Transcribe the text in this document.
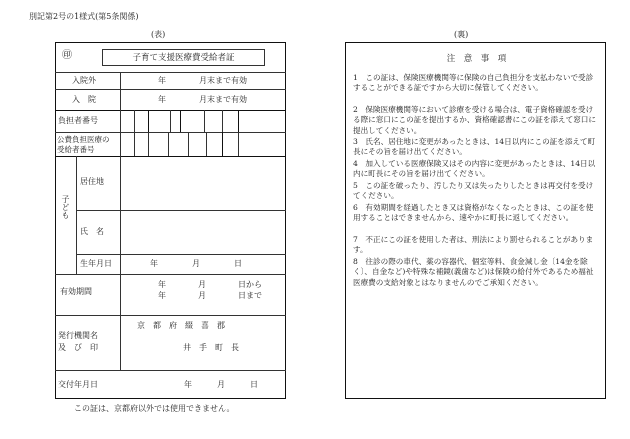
別記第2号の1様式(第5条関係)
(表)
㊞	子育て支援医療費受給者証
入院外	年	月末まで有効
入　院	年	月末まで有効
負担者番号
公費負担医療の
受給者番号
子ども
居住地
氏　名
生年月日	年	月	日
有効期間
年	月	日から
年	月	日まで
発行機関名
及　び　印
京　都　府　綴　喜　郡
井　手　町　長
交付年月日	年	月	日
この証は、京都府以外では使用できません。
(裏)
注　意　事　項
1　この証は、保険医療機関等に保険の自己負担分を支払わないで受診することができる証ですから大切に保管してください。
2　保険医療機関等において診療を受ける場合は、電子資格確認を受ける際に窓口にこの証を提出するか、資格確認書にこの証を添えて窓口に提出してください。
3　氏名、居住地に変更があったときは、14日以内にこの証を添えて町長にその旨を届け出てください。
4　加入している医療保険又はその内容に変更があったときは、14日以内に町長にその旨を届け出てください。
5　この証を破ったり、汚したり又は失ったりしたときは再交付を受けてください。
6　有効期間を経過したとき又は資格がなくなったときは、この証を使用することはできませんから、速やかに町長に返してください。
7　不正にこの証を使用した者は、刑法により罰せられることがあります。
8　往診の際の車代、薬の容器代、個室等料、食金減し金〔14金を除く〕、自金など)や特殊な補鏡(義歯など)は保険の給付外であるため福祉医療費の支給対象とはなりませんのでご承知ください。
